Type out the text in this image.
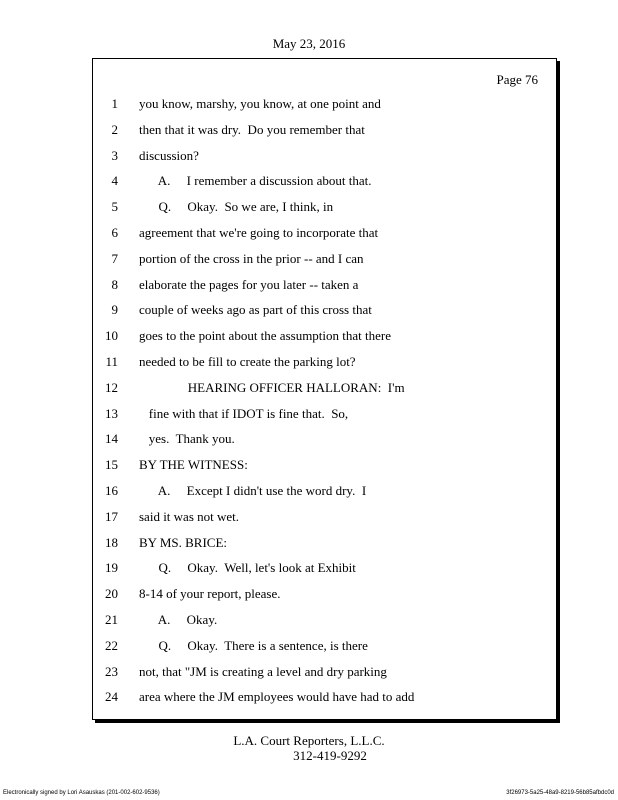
May 23, 2016
Page 76
1 you know, marshy, you know, at one point and
2 then that it was dry.  Do you remember that
3 discussion?
4 A.     I remember a discussion about that.
5 Q.     Okay.  So we are, I think, in
6 agreement that we're going to incorporate that
7 portion of the cross in the prior -- and I can
8 elaborate the pages for you later -- taken a
9 couple of weeks ago as part of this cross that
10 goes to the point about the assumption that there
11 needed to be fill to create the parking lot?
12 HEARING OFFICER HALLORAN:  I'm
13 fine with that if IDOT is fine that.  So,
14 yes.  Thank you.
15 BY THE WITNESS:
16 A.     Except I didn't use the word dry.  I
17 said it was not wet.
18 BY MS. BRICE:
19 Q.     Okay.  Well, let's look at Exhibit
20 8-14 of your report, please.
21 A.     Okay.
22 Q.     Okay.  There is a sentence, is there
23 not, that "JM is creating a level and dry parking
24 area where the JM employees would have had to add
L.A. Court Reporters, L.L.C.
312-419-9292
Electronically signed by Lori Asauskas (201-002-602-9536)	3f26973-5a25-48a9-8219-56b85afbdc0d
